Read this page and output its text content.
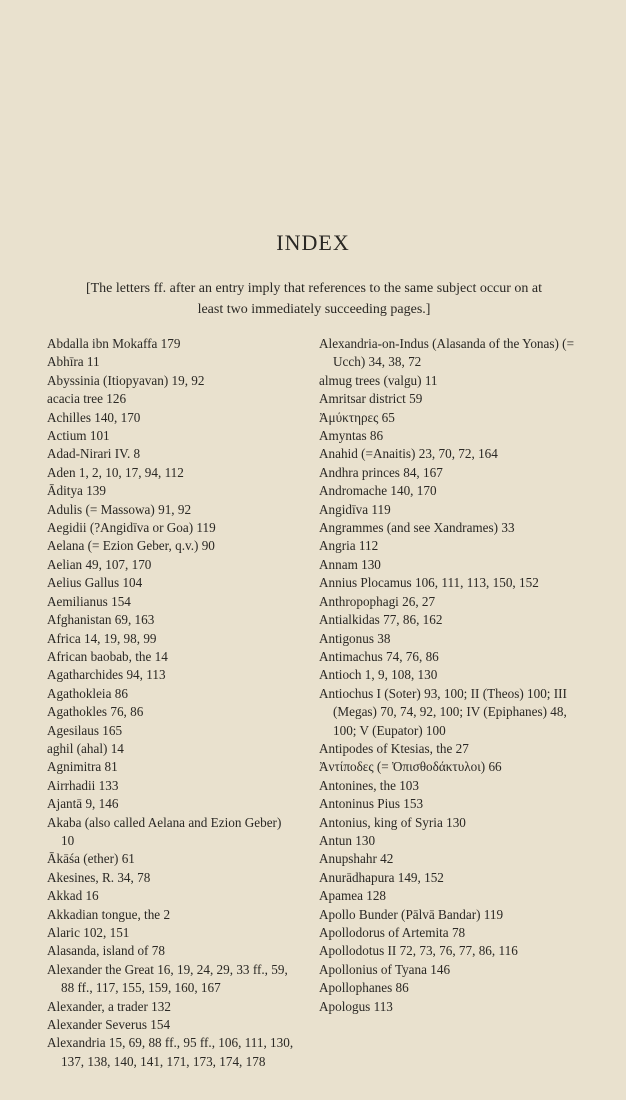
INDEX
[The letters ff. after an entry imply that references to the same subject occur on at least two immediately succeeding pages.]
Abdalla ibn Mokaffa 179
Abhīra 11
Abyssinia (Itiopyavan) 19, 92
acacia tree 126
Achilles 140, 170
Actium 101
Adad-Nirari IV. 8
Aden 1, 2, 10, 17, 94, 112
Āditya 139
Adulis (= Massowa) 91, 92
Aegidii (?Angidīva or Goa) 119
Aelana (= Ezion Geber, q.v.) 90
Aelian 49, 107, 170
Aelius Gallus 104
Aemilianus 154
Afghanistan 69, 163
Africa 14, 19, 98, 99
African baobab, the 14
Agatharchides 94, 113
Agathokleia 86
Agathokles 76, 86
Agesilaus 165
aghil (ahal) 14
Agnimitra 81
Airrhadii 133
Ajantā 9, 146
Akaba (also called Aelana and Ezion Geber) 10
Ākāśa (ether) 61
Akesines, R. 34, 78
Akkad 16
Akkadian tongue, the 2
Alaric 102, 151
Alasanda, island of 78
Alexander the Great 16, 19, 24, 29, 33 ff., 59, 88 ff., 117, 155, 159, 160, 167
Alexander, a trader 132
Alexander Severus 154
Alexandria 15, 69, 88 ff., 95 ff., 106, 111, 130, 137, 138, 140, 141, 171, 173, 174, 178
Alexandria-on-Indus (Alasanda of the Yonas) (= Ucch) 34, 38, 72
almug trees (valgu) 11
Amritsar district 59
Ἀμύκτηρες 65
Amyntas 86
Anahid (=Anaitis) 23, 70, 72, 164
Andhra princes 84, 167
Andromache 140, 170
Angidīva 119
Angrammes (and see Xandrames) 33
Angria 112
Annam 130
Annius Plocamus 106, 111, 113, 150, 152
Anthropophagi 26, 27
Antialkidas 77, 86, 162
Antigonus 38
Antimachus 74, 76, 86
Antioch 1, 9, 108, 130
Antiochus I (Soter) 93, 100; II (Theos) 100; III (Megas) 70, 74, 92, 100; IV (Epiphanes) 48, 100; V (Eupator) 100
Antipodes of Ktesias, the 27
Ἀντίποδες (= Ὀπισθοδάκτυλοι) 66
Antonines, the 103
Antoninus Pius 153
Antonius, king of Syria 130
Antun 130
Anupshahr 42
Anurādhapura 149, 152
Apamea 128
Apollo Bunder (Pālvā Bandar) 119
Apollodorus of Artemita 78
Apollodotus II 72, 73, 76, 77, 86, 116
Apollonius of Tyana 146
Apollophanes 86
Apologus 113
